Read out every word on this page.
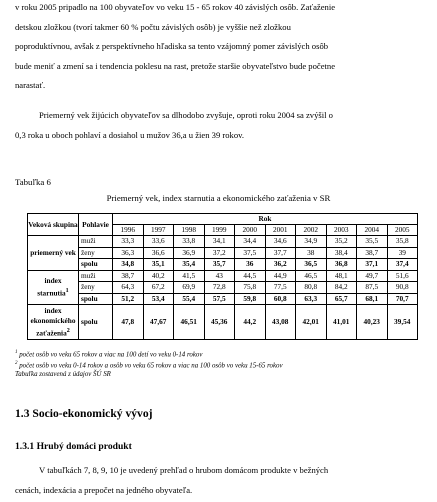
v roku 2005 pripadlo na 100 obyvateľov vo veku 15 - 65 rokov 40 závislých osôb. Zaťaženie
detskou zložkou (tvorí takmer 60 % počtu závislých osôb) je vyššie než zložkou
poproduktívnou, avšak z perspektívneho hľadiska sa tento vzájomný pomer závislých osôb
bude meniť a zmení sa i tendencia poklesu na rast, pretože staršie obyvateľstvo bude početne
narastať.
Priemerný vek žijúcich obyvateľov sa dlhodobo zvyšuje, oproti roku 2004 sa zvýšil o
0,3 roka u oboch pohlaví a dosiahol u mužov 36,a u žien 39 rokov.
Tabuľka 6
Priemerný vek, index starnutia a ekonomického zaťaženia v SR
Veková skupina	Pohlavie	Rok									
		1996	1997	1998	1999	2000	2001	2002	2003	2004	2005
priemerný vek	muži	33,3	33,6	33,8	34,1	34,4	34,6	34,9	35,2	35,5	35,8
	ženy	36,3	36,6	36,9	37,2	37,5	37,7	38	38,4	38,7	39
	spolu	34,8	35,1	35,4	35,7	36	36,2	36,5	36,8	37,1	37,4
index starnutia$^1$	muži	38,7	40,2	41,5	43	44,5	44,9	46,5	48,1	49,7	51,6
	ženy	64,3	67,2	69,9	72,8	75,8	77,5	80,8	84,2	87,5	90,8
	spolu	51,2	53,4	55,4	57,5	59,8	60,8	63,3	65,7	68,1	70,7
index ekonomického zaťaženia$^2$	spolu	47,8	47,67	46,51	45,36	44,2	43,08	42,01	41,01	40,23	39,54
$^1$ počet osôb vo veku 65 rokov a viac na 100 detí vo veku 0-14 rokov
$^2$ počet osôb vo veku 0-14 rokov a osôb vo veku 65 rokov a viac na 100 osôb vo veku 15-65 rokov
Tabuľka zostavená z údajov ŠÚ SR
1.3 Socio-ekonomický vývoj
1.3.1 Hrubý domáci produkt
V tabuľkách 7, 8, 9, 10 je uvedený prehľad o hrubom domácom produkte v bežných
cenách, indexácia a prepočet na jedného obyvateľa.
